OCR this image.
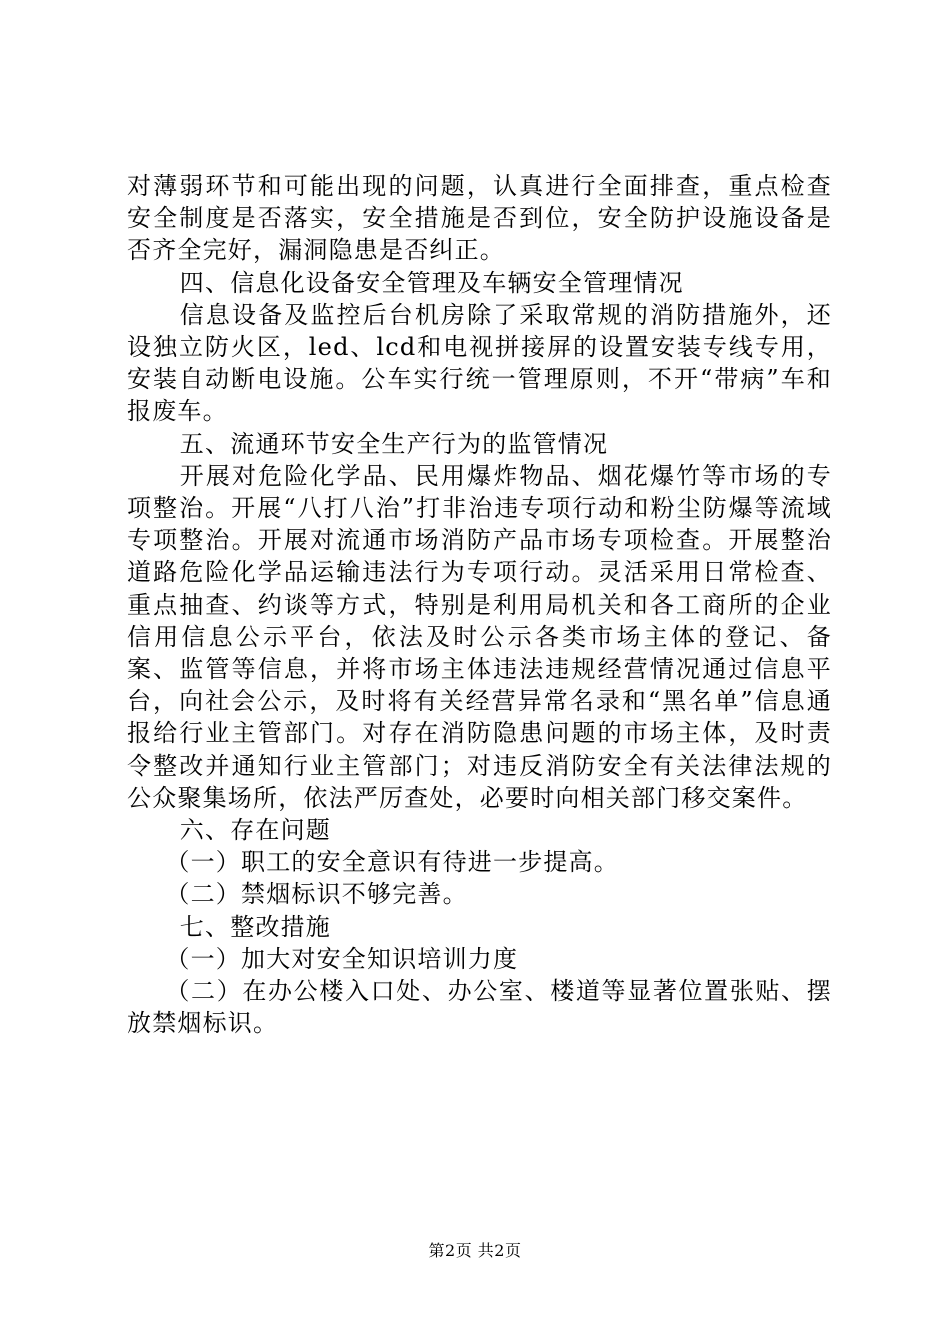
对薄弱环节和可能出现的问题，认真进行全面排查，重点检查安全制度是否落实，安全措施是否到位，安全防护设施设备是否齐全完好，漏洞隐患是否纠正。

四、信息化设备安全管理及车辆安全管理情况

信息设备及监控后台机房除了采取常规的消防措施外，还设独立防火区，led、lcd和电视拼接屏的设置安装专线专用，安装自动断电设施。公车实行统一管理原则，不开“带病”车和报废车。

五、流通环节安全生产行为的监管情况

开展对危险化学品、民用爆炸物品、烟花爆竹等市场的专项整治。开展“八打八治”打非治违专项行动和粉尘防爆等流域专项整治。开展对流通市场消防产品市场专项检查。开展整治道路危险化学品运输违法行为专项行动。灵活采用日常检查、重点抽查、约谈等方式，特别是利用局机关和各工商所的企业信用信息公示平台，依法及时公示各类市场主体的登记、备案、监管等信息，并将市场主体违法违规经营情况通过信息平台，向社会公示，及时将有关经营异常名录和“黑名单”信息通报给行业主管部门。对存在消防隐患问题的市场主体，及时责令整改并通知行业主管部门；对违反消防安全有关法律法规的公众聚集场所，依法严厉查处，必要时向相关部门移交案件。

六、存在问题

（一）职工的安全意识有待进一步提高。

（二）禁烟标识不够完善。

七、整改措施

（一）加大对安全知识培训力度

（二）在办公楼入口处、办公室、楼道等显著位置张贴、摆放禁烟标识。

第2页 共2页
